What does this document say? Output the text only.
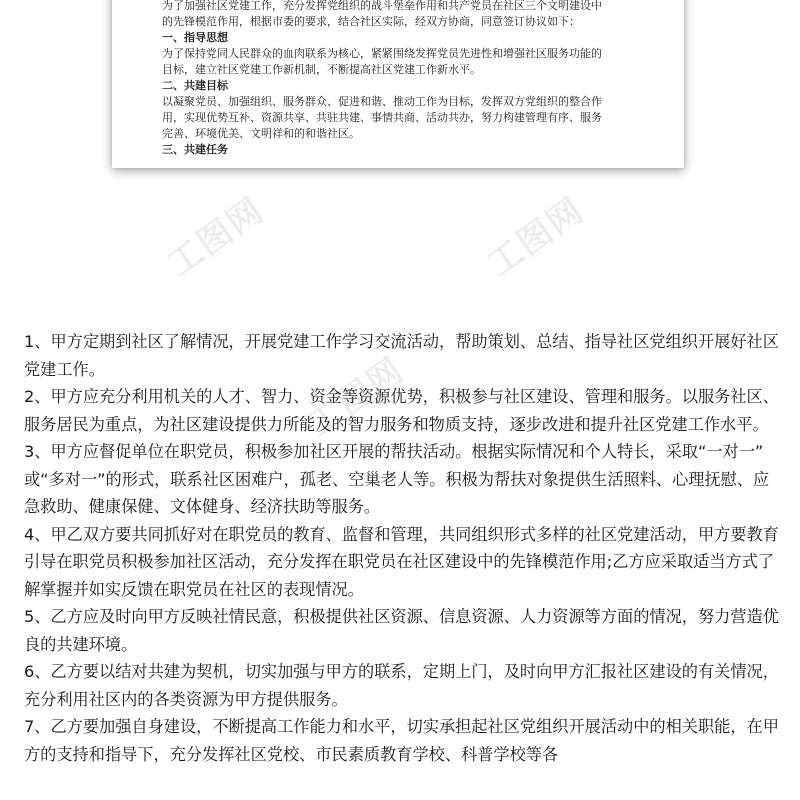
为了加强社区党建工作，充分发挥党组织的战斗堡垒作用和共产党员在社区三个文明建设中

的先锋模范作用，根据市委的要求，结合社区实际，经双方协商，同意签订协议如下：

一、指导思想

为了保持党同人民群众的血肉联系为核心，紧紧围绕发挥党员先进性和增强社区服务功能的

目标，建立社区党建工作新机制，不断提高社区党建工作新水平。

二、共建目标

以凝聚党员、加强组织、服务群众、促进和谐、推动工作为目标，发挥双方党组织的整合作

用，实现优势互补、资源共享、共驻共建、事情共商、活动共办，努力构建管理有序、服务

完善、环境优美、文明祥和的和谐社区。

三、共建任务

工图网	工图网
工图网

1、甲方定期到社区了解情况，开展党建工作学习交流活动，帮助策划、总结、指导社区党组织开展好社区党建工作。

2、甲方应充分利用机关的人才、智力、资金等资源优势，积极参与社区建设、管理和服务。以服务社区、服务居民为重点，为社区建设提供力所能及的智力服务和物质支持，逐步改进和提升社区党建工作水平。

3、甲方应督促单位在职党员，积极参加社区开展的帮扶活动。根据实际情况和个人特长，采取“一对一” 或“多对一”的形式，联系社区困难户，孤老、空巢老人等。积极为帮扶对象提供生活照料、心理抚慰、应急救助、健康保健、文体健身、经济扶助等服务。

4、甲乙双方要共同抓好对在职党员的教育、监督和管理，共同组织形式多样的社区党建活动，甲方要教育引导在职党员积极参加社区活动，充分发挥在职党员在社区建设中的先锋模范作用;乙方应采取适当方式了解掌握并如实反馈在职党员在社区的表现情况。

5、乙方应及时向甲方反映社情民意，积极提供社区资源、信息资源、人力资源等方面的情况，努力营造优良的共建环境。

6、乙方要以结对共建为契机，切实加强与甲方的联系，定期上门，及时向甲方汇报社区建设的有关情况，充分利用社区内的各类资源为甲方提供服务。

7、乙方要加强自身建设，不断提高工作能力和水平，切实承担起社区党组织开展活动中的相关职能，在甲方的支持和指导下，充分发挥社区党校、市民素质教育学校、科普学校等各
